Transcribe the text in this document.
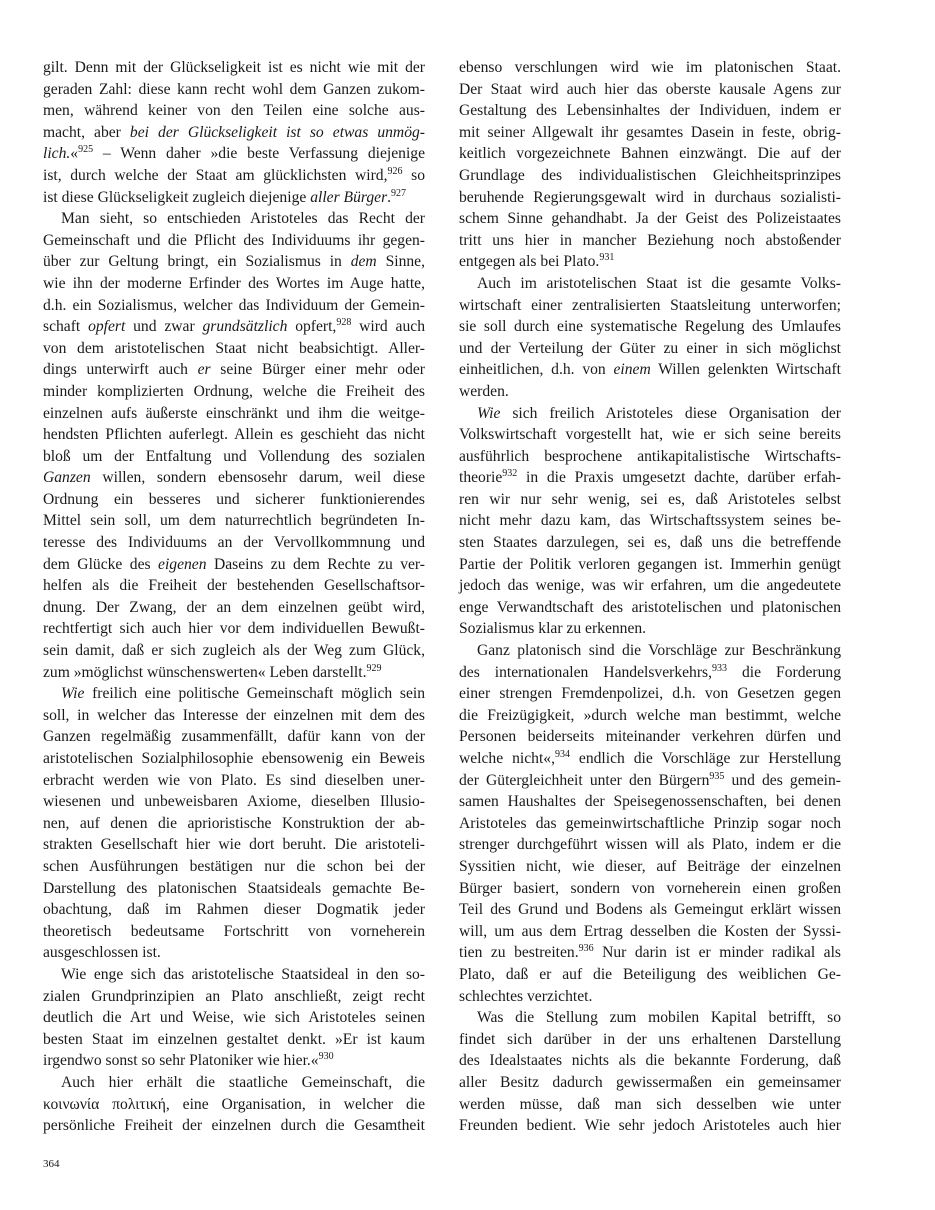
gilt. Denn mit der Glückseligkeit ist es nicht wie mit der
geraden Zahl: diese kann recht wohl dem Ganzen zukom-
men, während keiner von den Teilen eine solche aus-
macht, aber bei der Glückseligkeit ist so etwas unmög-
lich.«$^{925}$ – Wenn daher »die beste Verfassung diejenige
ist, durch welche der Staat am glücklichsten wird,$^{926}$ so
ist diese Glückseligkeit zugleich diejenige aller Bürger.$^{927}$
Man sieht, so entschieden Aristoteles das Recht der
Gemeinschaft und die Pflicht des Individuums ihr gegen-
über zur Geltung bringt, ein Sozialismus in dem Sinne,
wie ihn der moderne Erfinder des Wortes im Auge hatte,
d.h. ein Sozialismus, welcher das Individuum der Gemein-
schaft opfert und zwar grundsätzlich opfert,$^{928}$ wird auch
von dem aristotelischen Staat nicht beabsichtigt. Aller-
dings unterwirft auch er seine Bürger einer mehr oder
minder komplizierten Ordnung, welche die Freiheit des
einzelnen aufs äußerste einschränkt und ihm die weitge-
hendsten Pflichten auferlegt. Allein es geschieht das nicht
bloß um der Entfaltung und Vollendung des sozialen
Ganzen willen, sondern ebensosehr darum, weil diese
Ordnung ein besseres und sicherer funktionierendes
Mittel sein soll, um dem naturrechtlich begründeten In-
teresse des Individuums an der Vervollkommnung und
dem Glücke des eigenen Daseins zu dem Rechte zu ver-
helfen als die Freiheit der bestehenden Gesellschaftsor-
dnung. Der Zwang, der an dem einzelnen geübt wird,
rechtfertigt sich auch hier vor dem individuellen Bewußt-
sein damit, daß er sich zugleich als der Weg zum Glück,
zum »möglichst wünschenswerten« Leben darstellt.$^{929}$
Wie freilich eine politische Gemeinschaft möglich sein
soll, in welcher das Interesse der einzelnen mit dem des
Ganzen regelmäßig zusammenfällt, dafür kann von der
aristotelischen Sozialphilosophie ebensowenig ein Beweis
erbracht werden wie von Plato. Es sind dieselben uner-
wiesenen und unbeweisbaren Axiome, dieselben Illusio-
nen, auf denen die aprioristische Konstruktion der ab-
strakten Gesellschaft hier wie dort beruht. Die aristoteli-
schen Ausführungen bestätigen nur die schon bei der
Darstellung des platonischen Staatsideals gemachte Be-
obachtung, daß im Rahmen dieser Dogmatik jeder
theoretisch bedeutsame Fortschritt von vorneherein
ausgeschlossen ist.
Wie enge sich das aristotelische Staatsideal in den so-
zialen Grundprinzipien an Plato anschließt, zeigt recht
deutlich die Art und Weise, wie sich Aristoteles seinen
besten Staat im einzelnen gestaltet denkt. »Er ist kaum
irgendwo sonst so sehr Platoniker wie hier.«$^{930}$
Auch hier erhält die staatliche Gemeinschaft, die
κοινωνία πολιτική, eine Organisation, in welcher die
persönliche Freiheit der einzelnen durch die Gesamtheit
ebenso verschlungen wird wie im platonischen Staat.
Der Staat wird auch hier das oberste kausale Agens zur
Gestaltung des Lebensinhaltes der Individuen, indem er
mit seiner Allgewalt ihr gesamtes Dasein in feste, obrig-
keitlich vorgezeichnete Bahnen einzwängt. Die auf der
Grundlage des individualistischen Gleichheitsprinzipes
beruhende Regierungsgewalt wird in durchaus sozialisti-
schem Sinne gehandhabt. Ja der Geist des Polizeistaates
tritt uns hier in mancher Beziehung noch abstoßender
entgegen als bei Plato.$^{931}$
Auch im aristotelischen Staat ist die gesamte Volks-
wirtschaft einer zentralisierten Staatsleitung unterworfen;
sie soll durch eine systematische Regelung des Umlaufes
und der Verteilung der Güter zu einer in sich möglichst
einheitlichen, d.h. von einem Willen gelenkten Wirtschaft
werden.
Wie sich freilich Aristoteles diese Organisation der
Volkswirtschaft vorgestellt hat, wie er sich seine bereits
ausführlich besprochene antikapitalistische Wirtschafts-
theorie$^{932}$ in die Praxis umgesetzt dachte, darüber erfah-
ren wir nur sehr wenig, sei es, daß Aristoteles selbst
nicht mehr dazu kam, das Wirtschaftssystem seines be-
sten Staates darzulegen, sei es, daß uns die betreffende
Partie der Politik verloren gegangen ist. Immerhin genügt
jedoch das wenige, was wir erfahren, um die angedeutete
enge Verwandtschaft des aristotelischen und platonischen
Sozialismus klar zu erkennen.
Ganz platonisch sind die Vorschläge zur Beschränkung
des internationalen Handelsverkehrs,$^{933}$ die Forderung
einer strengen Fremdenpolizei, d.h. von Gesetzen gegen
die Freizügigkeit, »durch welche man bestimmt, welche
Personen beiderseits miteinander verkehren dürfen und
welche nicht«,$^{934}$ endlich die Vorschläge zur Herstellung
der Gütergleichheit unter den Bürgern$^{935}$ und des gemein-
samen Haushaltes der Speisegenossenschaften, bei denen
Aristoteles das gemeinwirtschaftliche Prinzip sogar noch
strenger durchgeführt wissen will als Plato, indem er die
Syssitien nicht, wie dieser, auf Beiträge der einzelnen
Bürger basiert, sondern von vorneherein einen großen
Teil des Grund und Bodens als Gemeingut erklärt wissen
will, um aus dem Ertrag desselben die Kosten der Syssi-
tien zu bestreiten.$^{936}$ Nur darin ist er minder radikal als
Plato, daß er auf die Beteiligung des weiblichen Ge-
schlechtes verzichtet.
Was die Stellung zum mobilen Kapital betrifft, so
findet sich darüber in der uns erhaltenen Darstellung
des Idealstaates nichts als die bekannte Forderung, daß
aller Besitz dadurch gewissermaßen ein gemeinsamer
werden müsse, daß man sich desselben wie unter
Freunden bedient. Wie sehr jedoch Aristoteles auch hier
364
